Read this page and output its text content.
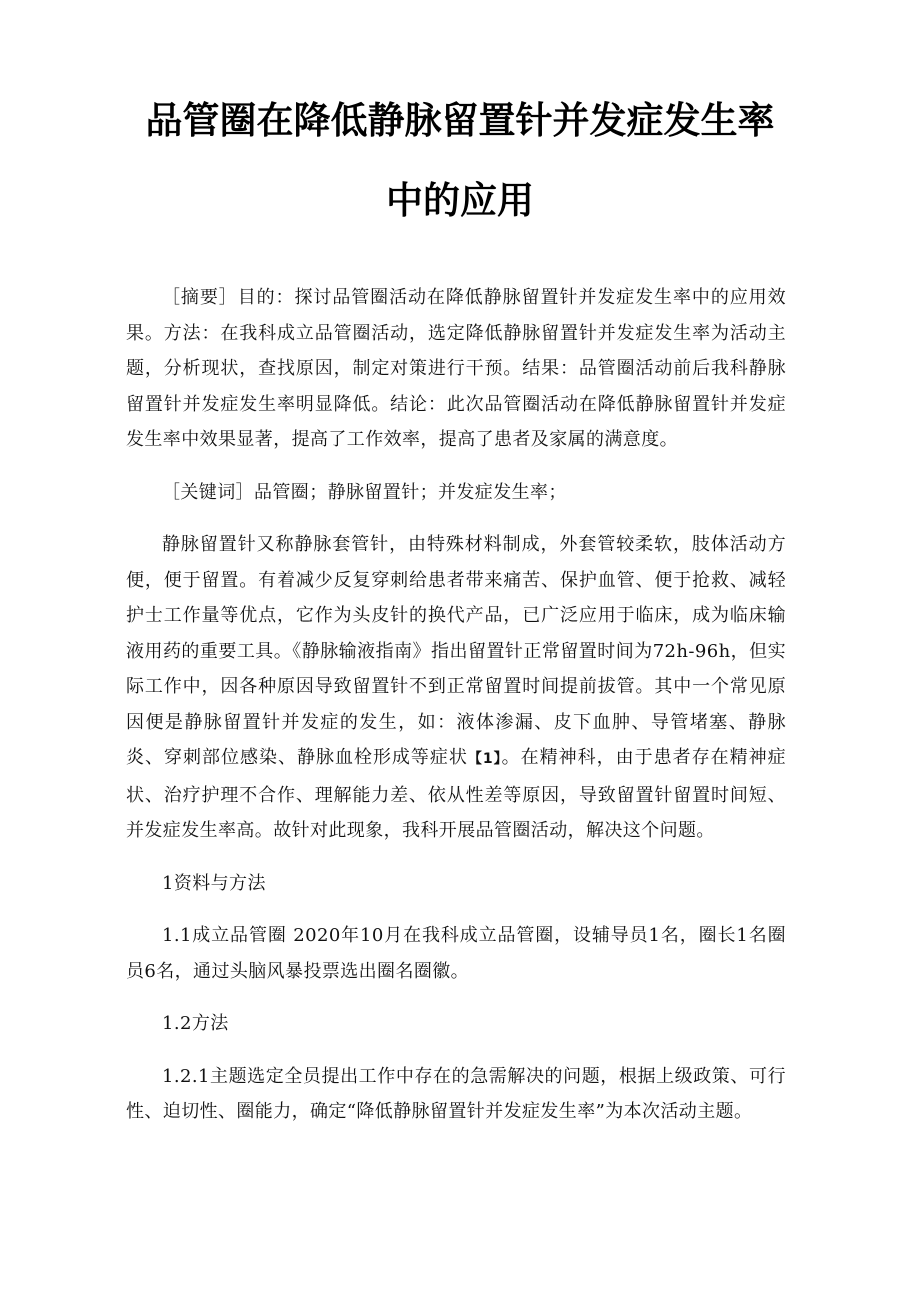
品管圈在降低静脉留置针并发症发生率
中的应用

［摘要］目的：探讨品管圈活动在降低静脉留置针并发症发生率中的应用效果。方法：在我科成立品管圈活动，选定降低静脉留置针并发症发生率为活动主题，分析现状，查找原因，制定对策进行干预。结果：品管圈活动前后我科静脉留置针并发症发生率明显降低。结论：此次品管圈活动在降低静脉留置针并发症发生率中效果显著，提高了工作效率，提高了患者及家属的满意度。

［关键词］品管圈；静脉留置针；并发症发生率；

静脉留置针又称静脉套管针，由特殊材料制成，外套管较柔软，肢体活动方便，便于留置。有着减少反复穿刺给患者带来痛苦、保护血管、便于抢救、减轻护士工作量等优点，它作为头皮针的换代产品，已广泛应用于临床，成为临床输液用药的重要工具。《静脉输液指南》指出留置针正常留置时间为72h-96h，但实际工作中，因各种原因导致留置针不到正常留置时间提前拔管。其中一个常见原因便是静脉留置针并发症的发生，如：液体渗漏、皮下血肿、导管堵塞、静脉炎、穿刺部位感染、静脉血栓形成等症状【1】。在精神科，由于患者存在精神症状、治疗护理不合作、理解能力差、依从性差等原因，导致留置针留置时间短、并发症发生率高。故针对此现象，我科开展品管圈活动，解决这个问题。

1资料与方法

1.1成立品管圈 2020年10月在我科成立品管圈，设辅导员1名，圈长1名圈员6名，通过头脑风暴投票选出圈名圈徽。

1.2方法

1.2.1主题选定全员提出工作中存在的急需解决的问题，根据上级政策、可行性、迫切性、圈能力，确定“降低静脉留置针并发症发生率”为本次活动主题。
